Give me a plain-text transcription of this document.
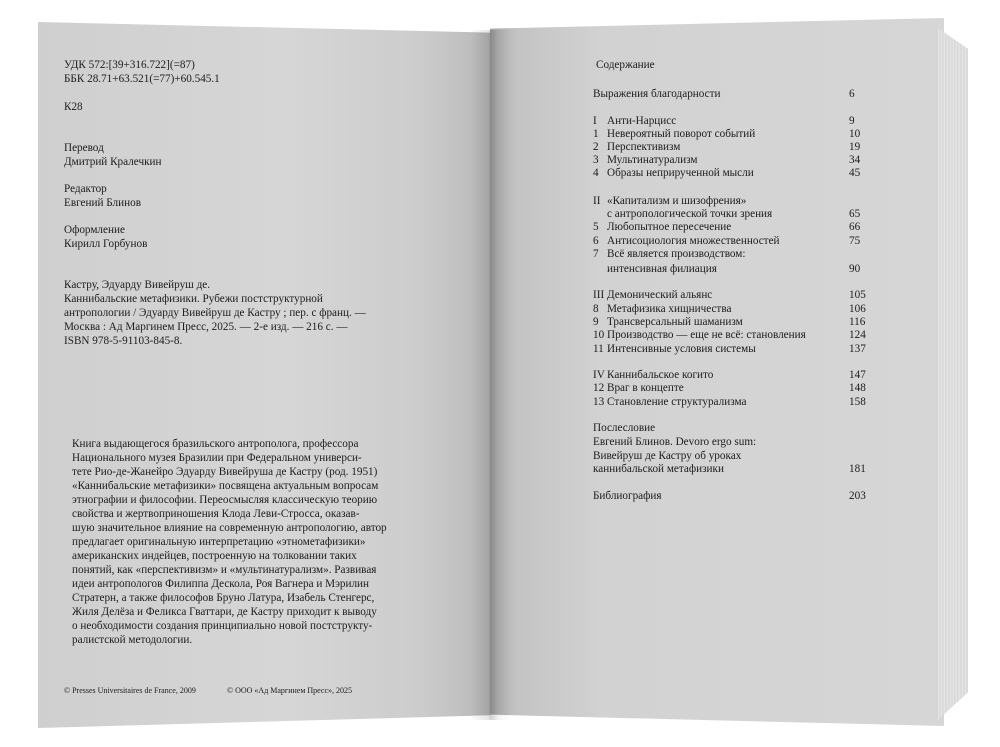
УДК 572:[39+316.722](=87)
ББК 28.71+63.521(=77)+60.545.1
К28
Перевод
Дмитрий Кралечкин
Редактор
Евгений Блинов
Оформление
Кирилл Горбунов
Кастру, Эдуарду Вивейруш де.
Каннибальские метафизики. Рубежи постструктурной
антропологии / Эдуарду Вивейруш де Кастру ; пер. с франц. —
Москва : Ад Маргинем Пресс, 2025. — 2-е изд. — 216 с. —
ISBN 978-5-91103-845-8.
Книга выдающегося бразильского антрополога, профессора
Национального музея Бразилии при Федеральном универси-
тете Рио-де-Жанейро Эдуарду Вивейруша де Кастру (род. 1951)
«Каннибальские метафизики» посвящена актуальным вопросам
этнографии и философии. Переосмысляя классическую теорию
свойства и жертвоприношения Клода Леви-Стросса, оказав-
шую значительное влияние на современную антропологию, автор
предлагает оригинальную интерпретацию «этнометафизики»
американских индейцев, построенную на толковании таких
понятий, как «перспективизм» и «мультинатурализм». Развивая
идеи антропологов Филиппа Дескола, Роя Вагнера и Мэрилин
Стратерн, а также философов Бруно Латура, Изабель Стенгерс,
Жиля Делёза и Феликса Гваттари, де Кастру приходит к выводу
о необходимости создания принципиально новой постструкту-
ралистской методологии.
© Presses Universitaires de France, 2009	© ООО «Ад Маргинем Пресс», 2025
Содержание
Выражения благодарности	6
I Анти-Нарцисс	9
1 Невероятный поворот событий	10
2 Перспективизм	19
3 Мультинатурализм	34
4 Образы неприрученной мысли	45
II «Капитализм и шизофрения»
с антропологической точки зрения	65
5 Любопытное пересечение	66
6 Антисоциология множественностей	75
7 Всё является производством:
интенсивная филиация	90
III Демонический альянс	105
8 Метафизика хищничества	106
9 Трансверсальный шаманизм	116
10 Производство — еще не всё: становления	124
11 Интенсивные условия системы	137
IV Каннибальское когито	147
12 Враг в концепте	148
13 Становление структурализма	158
Послесловие
Евгений Блинов. Devoro ergo sum:
Вивейруш де Кастру об уроках
каннибальской метафизики	181
Библиография	203
